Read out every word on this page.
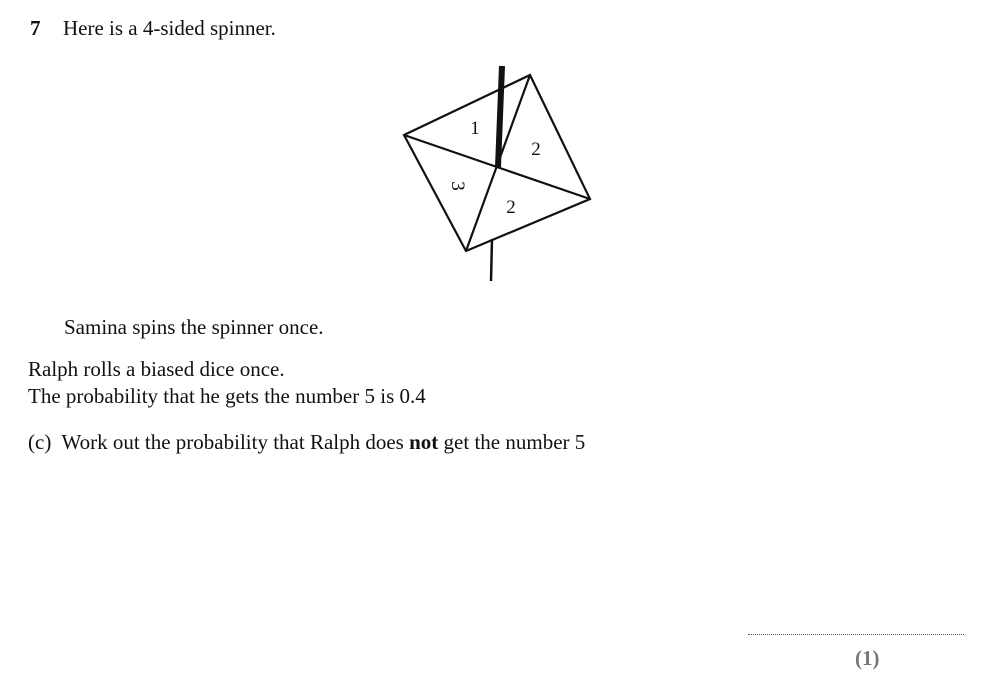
7 Here is a 4-sided spinner.
1
2
2
3
Samina spins the spinner once.
Ralph rolls a biased dice once.
The probability that he gets the number 5 is 0.4
(c) Work out the probability that Ralph does not get the number 5
(1)
